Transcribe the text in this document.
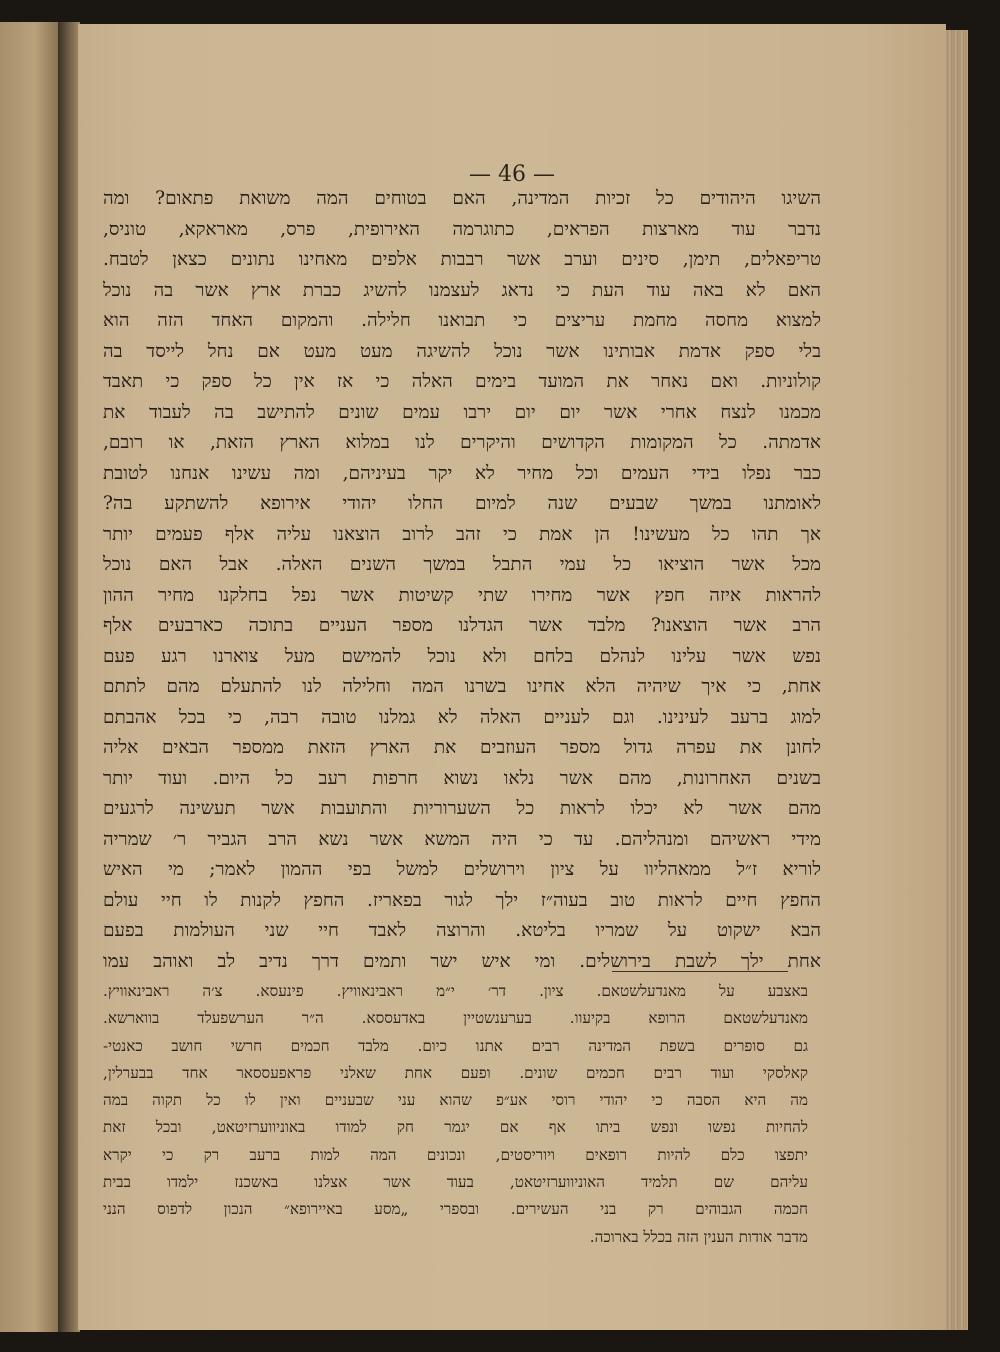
— 46 —
השיגו היהודים כל זכיות המדינה, האם בטוחים המה משואת פתאום? ומה
נדבר עוד מארצות הפראים, כתוגרמה האירופית, פרס, מאראקא, טוניס,
טריפאלים, תימן, סינים וערב אשר רבבות אלפים מאחינו נתונים כצאן לטבח.
האם לא באה עוד העת כי נדאג לעצמנו להשיג כברת ארץ אשר בה נוכל
למצוא מחסה מחמת עריצים כי תבואנו חלילה. והמקום האחד הזה הוא
בלי ספק אדמת אבותינו אשר נוכל להשיגה מעט מעט אם נחל לייסד בה
קולוניות. ואם נאחר את המועד בימים האלה כי אז אין כל ספק כי תאבד
מכמנו לנצח אחרי אשר יום יום ירבו עמים שונים להתישב בה לעבוד את
אדמתה. כל המקומות הקדושים והיקרים לנו במלוא הארץ הזאת, או רובם,
כבר נפלו בידי העמים וכל מחיר לא יקר בעיניהם, ומה עשינו אנחנו לטובת
לאומתנו במשך שבעים שנה למיום החלו יהודי אירופא להשתקע בה?
אך תהו כל מעשינו! הן אמת כי זהב לרוב הוצאנו עליה אלף פעמים יותר
מכל אשר הוציאו כל עמי התבל במשך השנים האלה. אבל האם נוכל
להראות איזה חפץ אשר מחירו שתי קשיטות אשר נפל בחלקנו מחיר ההון
הרב אשר הוצאנו? מלבד אשר הגדלנו מספר העניים בתוכה כארבעים אלף
נפש אשר עלינו לנהלם בלחם ולא נוכל להמישם מעל צוארנו רגע פעם
אחת, כי איך שיהיה הלא אחינו בשרנו המה וחלילה לנו להתעלם מהם לתתם
למוג ברעב לעינינו. וגם לעניים האלה לא גמלנו טובה רבה, כי בכל אהבתם
לחונן את עפרה גדול מספר העוזבים את הארץ הזאת ממספר הבאים אליה
בשנים האחרונות, מהם אשר נלאו נשוא חרפות רעב כל היום. ועוד יותר
מהם אשר לא יכלו לראות כל השערוריות והתועבות אשר תעשינה לרגעים
מידי ראשיהם ומנהליהם. עד כי היה המשא אשר נשא הרב הגביר ר׳ שמריה
לוריא ז״ל ממאהליוו על ציון וירושלים למשל בפי ההמון לאמר; מי האיש
החפץ חיים לראות טוב בעוה״ז ילך לגור בפאריז. החפץ לקנות לו חיי עולם
הבא ישקוט על שמריו בליטא. והרוצה לאבד חיי שני העולמות בפעם
אחת ילך לשבת בירושלים. ומי איש ישר ותמים דרך נדיב לב ואוהב עמו
באצבע על מאנדעלשטאם. ציון. דר׳ י״מ ראבינאוויץ. פינעסא. צ׳ה ראבינאוויץ.
מאנדעלשטאם הרופא בקיעוו. בערענשטיין באדעססא. ה״ר הערשפעלד בווארשא.
גם סופרים בשפת המדינה רבים אתנו כיום. מלבד חכמים חרשי חושב כאנטי-
קאלסקי ועוד רבים חכמים שונים. ופעם אחת שאלני פראפעססאר אחד בבערלין,
מה היא הסבה כי יהודי רוסי אע״פ שהוא עני שבעניים ואין לו כל תקוה במה
להחיות נפשו ונפש ביתו אף אם יגמר חק למודו באוניווערזיטאט, ובכל זאת
יתפצו כלם להיות רופאים ויוריסטים, ונכונים המה למות ברעב רק כי יקרא
עליהם שם תלמיד האוניווערזיטאט, בעוד אשר אצלנו באשכנז ילמדו בבית
חכמה הגבוהים רק בני העשירים. ובספרי „מסע באיירופא״ הנכון לדפוס הנני
מדבר אודות הענין הזה בכלל בארוכה.
